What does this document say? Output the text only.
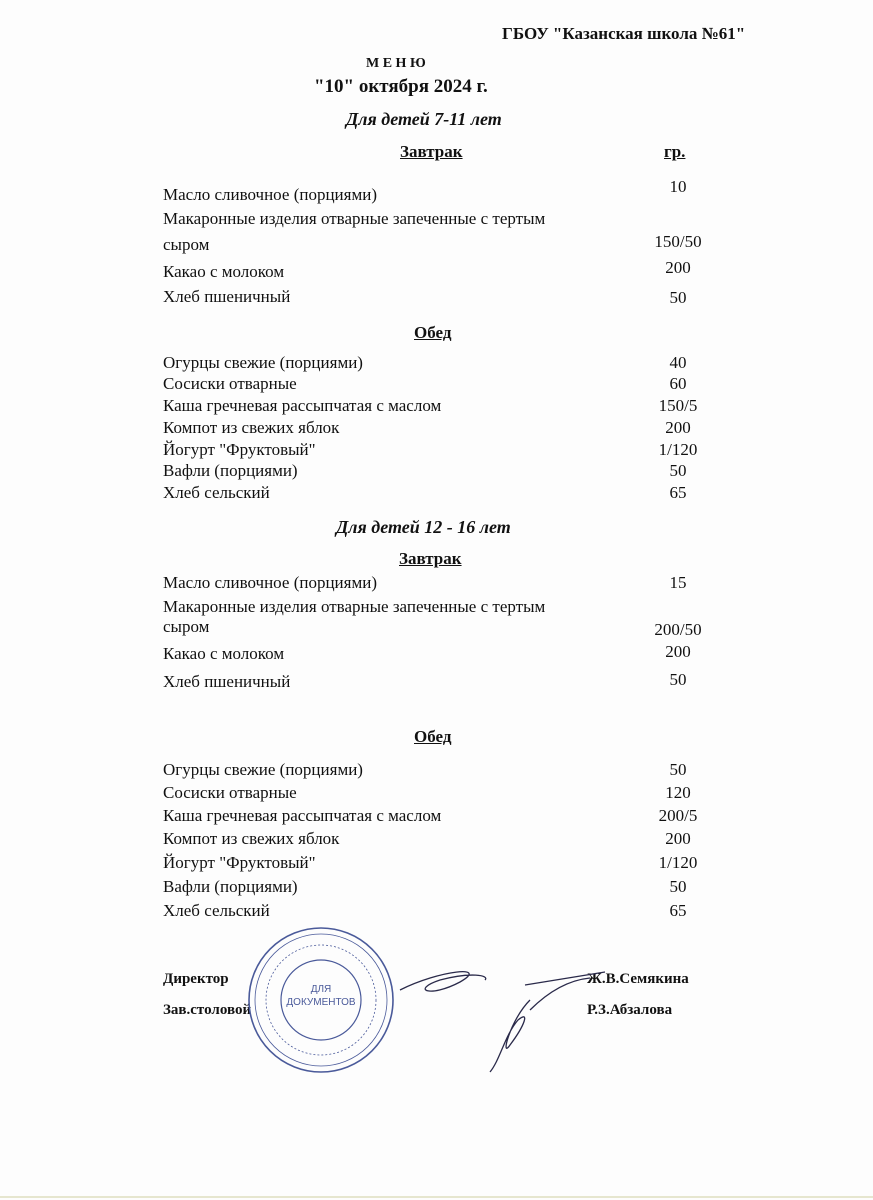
ГБОУ "Казанская школа №61"
М Е Н Ю
"10" октября 2024 г.
Для детей 7-11 лет
Завтрак	гр.
Масло сливочное (порциями)	10
Макаронные изделия отварные запеченные с тертым
сыром	150/50
Какао с молоком	200
Хлеб пшеничный	50
Обед
Огурцы свежие (порциями)	40
Сосиски отварные	60
Каша гречневая рассыпчатая с маслом	150/5
Компот из свежих яблок	200
Йогурт "Фруктовый"	1/120
Вафли (порциями)	50
Хлеб сельский	65
Для детей 12 - 16 лет
Завтрак
Масло сливочное (порциями)	15
Макаронные изделия отварные запеченные с тертым
сыром	200/50
Какао с молоком	200
Хлеб пшеничный	50
Обед
Огурцы свежие (порциями)	50
Сосиски отварные	120
Каша гречневая рассыпчатая с маслом	200/5
Компот из свежих яблок	200
Йогурт "Фруктовый"	1/120
Вафли (порциями)	50
Хлеб сельский	65
Директор	Ж.В.Семякина
Зав.столовой	Р.З.Абзалова
ДЛЯ
ДОКУМЕНТОВ
